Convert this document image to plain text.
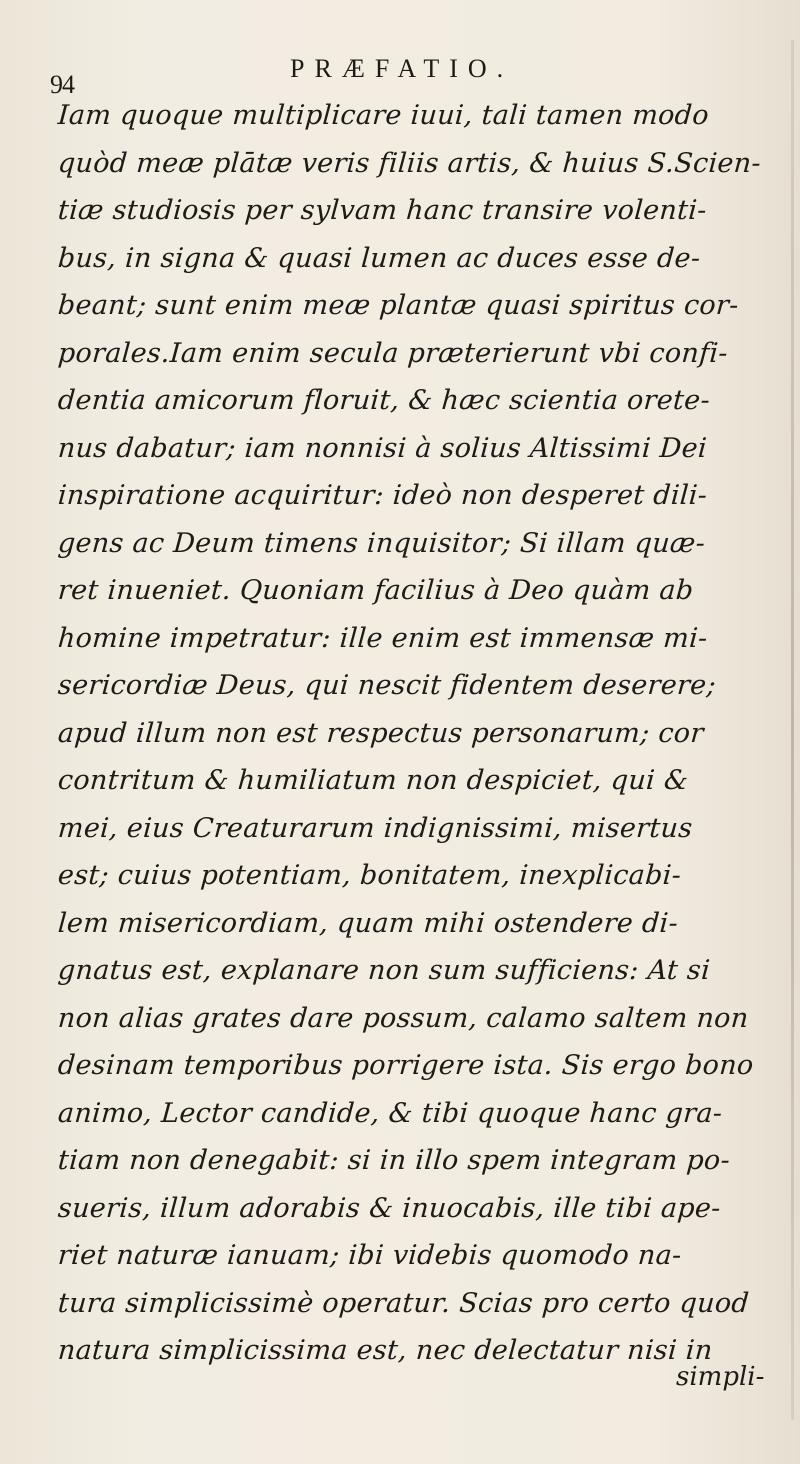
94
PRÆFATIO.
Iam quoque multiplicare iuui, tali tamen modo
quòd meæ plātæ veris filiis artis, & huius S.Scien-
tiæ studiosis per sylvam hanc transire volenti-
bus, in signa & quasi lumen ac duces esse de-
beant; sunt enim meæ plantæ quasi spiritus cor-
porales.Iam enim secula præterierunt vbi confi-
dentia amicorum floruit, & hæc scientia orete-
nus dabatur; iam nonnisi à solius Altissimi Dei
inspiratione acquiritur: ideò non desperet dili-
gens ac Deum timens inquisitor; Si illam quæ-
ret inueniet. Quoniam facilius à Deo quàm ab
homine impetratur: ille enim est immensæ mi-
sericordiæ Deus, qui nescit fidentem deserere;
apud illum non est respectus personarum; cor
contritum & humiliatum non despiciet, qui &
mei, eius Creaturarum indignissimi, misertus
est; cuius potentiam, bonitatem, inexplicabi-
lem misericordiam, quam mihi ostendere di-
gnatus est, explanare non sum sufficiens: At si
non alias grates dare possum, calamo saltem non
desinam temporibus porrigere ista. Sis ergo bono
animo, Lector candide, & tibi quoque hanc gra-
tiam non denegabit: si in illo spem integram po-
sueris, illum adorabis & inuocabis, ille tibi ape-
riet naturæ ianuam; ibi videbis quomodo na-
tura simplicissimè operatur. Scias pro certo quod
natura simplicissima est, nec delectatur nisi in
simpli-
